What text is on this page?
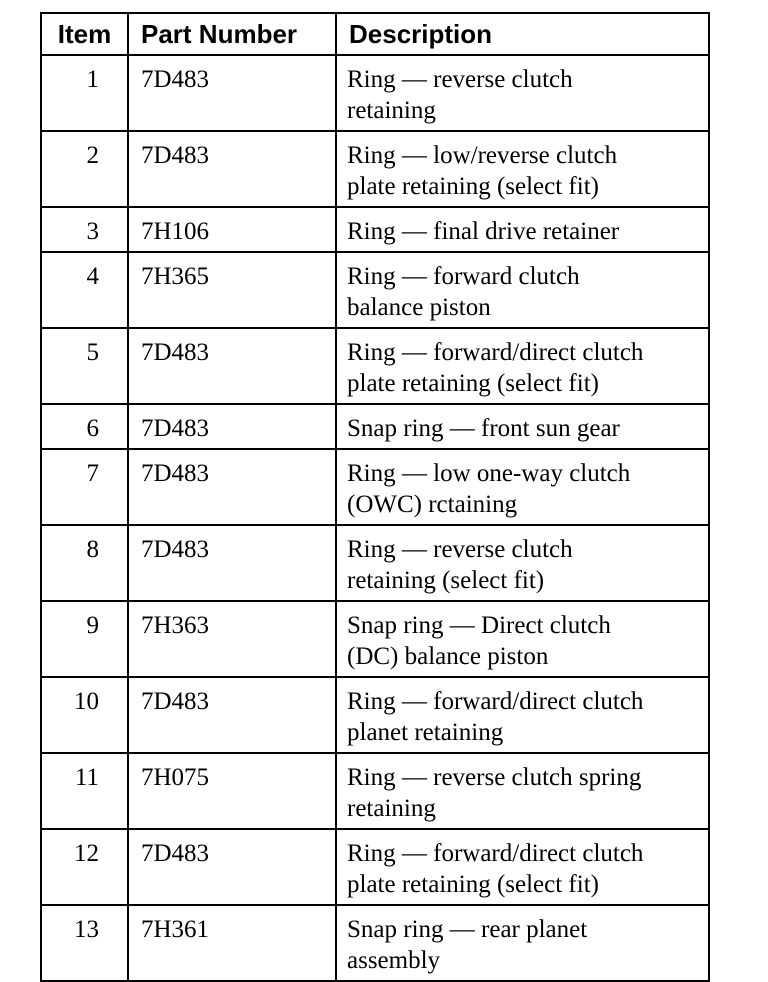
Item	Part Number	Description
1	7D483	Ring — reverse clutch
retaining

2	7D483	Ring — low/reverse clutch
plate retaining (select fit)

3	7H106	Ring — final drive retainer

4	7H365	Ring — forward clutch
balance piston

5	7D483	Ring — forward/direct clutch
plate retaining (select fit)

6	7D483	Snap ring — front sun gear

7	7D483	Ring — low one-way clutch
(OWC) rctaining

8	7D483	Ring — reverse clutch
retaining (select fit)

9	7H363	Snap ring — Direct clutch
(DC) balance piston

10	7D483	Ring — forward/direct clutch
planet retaining

11	7H075	Ring — reverse clutch spring
retaining

12	7D483	Ring — forward/direct clutch
plate retaining (select fit)

13	7H361	Snap ring — rear planet
assembly
